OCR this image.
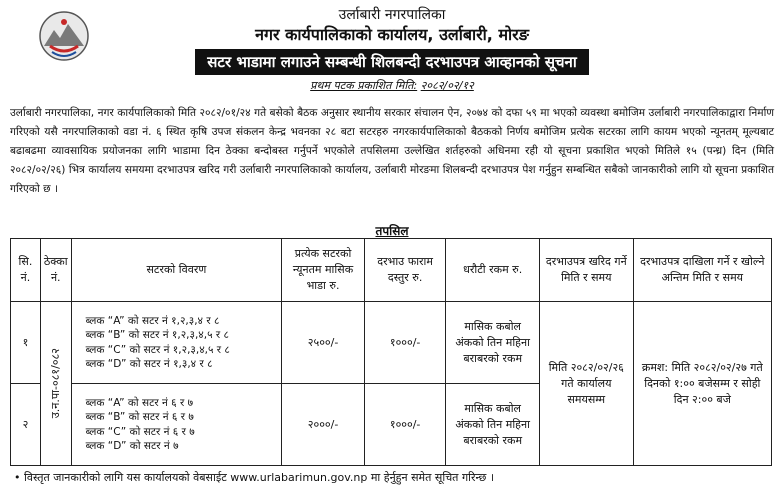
उर्लाबारी नगरपालिका
नगर कार्यपालिकाको कार्यालय, उर्लाबारी, मोरङ
सटर भाडामा लगाउने सम्बन्धी शिलबन्दी दरभाउपत्र आव्हानको सूचना
प्रथम पटक प्रकाशित मिति: २०८२/०२/१२
उर्लाबारी नगरपालिका, नगर कार्यपालिकाको मिति २०८२/०१/२४ गते बसेको बैठक अनुसार स्थानीय सरकार संचालन ऐन, २०७४ को दफा ५९ मा भएको व्यवस्था बमोजिम उर्लाबारी नगरपालिकाद्वारा निर्माण गरिएको यसै नगरपालिकाको वडा नं. ६ स्थित कृषि उपज संकलन केन्द्र भवनका २८ बटा सटरहरु नगरकार्यपालिकाको बैठकको निर्णय बमोजिम प्रत्येक सटरका लागि कायम भएको न्यूनतम् मूल्यबाट बढाबढमा व्यावसायिक प्रयोजनका लागि भाडामा दिन ठेक्का बन्दोबस्त गर्नुपर्ने भएकोले तपसिलमा उल्लेखित शर्तहरुको अधिनमा रही यो सूचना प्रकाशित भएको मितिले १५ (पन्ध्र) दिन (मिति २०८२/०२/२६) भित्र कार्यालय समयमा दरभाउपत्र खरिद गरी उर्लाबारी नगरपालिकाको कार्यालय, उर्लाबारी मोरङमा शिलबन्दी दरभाउपत्र पेश गर्नुहुन सम्बन्धित सबैको जानकारीको लागि यो सूचना प्रकाशित गरिएको छ ।
तपसिल
सि. नं.	ठेक्का नं.	सटरको विवरण	प्रत्येक सटरको न्यूनतम मासिक भाडा रु.	दरभाउ फाराम दस्तुर रु.	धरौटी रकम रु.	दरभाउपत्र खरिद गर्ने मिति र समय	दरभाउपत्र दाखिला गर्ने र खोल्ने अन्तिम मिति र समय
१	उ.न.पा-०८१/०८२	ब्लक “A” को सटर नं १,२,३,४ र ८
ब्लक “B” को सटर नं १,२,३,४,५ र ८
ब्लक “C” को सटर नं १,२,३,४,५ र ८
ब्लक “D” को सटर नं १,३,४ र ८	२५००/-	१०००/-	मासिक कबोल अंकको तिन महिना बराबरको रकम	मिति २०८२/०२/२६ गते कार्यालय समयसम्म	क्रमश: मिति २०८२/०२/२७ गते दिनको १:०० बजेसम्म र सोही दिन २:०० बजे
२		ब्लक “A” को सटर नं ६ र ७
ब्लक “B” को सटर नं ६ र ७
ब्लक “C” को सटर नं ६ र ७
ब्लक “D” को सटर नं ७	२०००/-	१०००/-	मासिक कबोल अंकको तिन महिना बराबरको रकम		
• विस्तृत जानकारीको लागि यस कार्यालयको वेबसाईट www.urlabarimun.gov.np मा हेर्नुहुन समेत सूचित गरिन्छ ।
